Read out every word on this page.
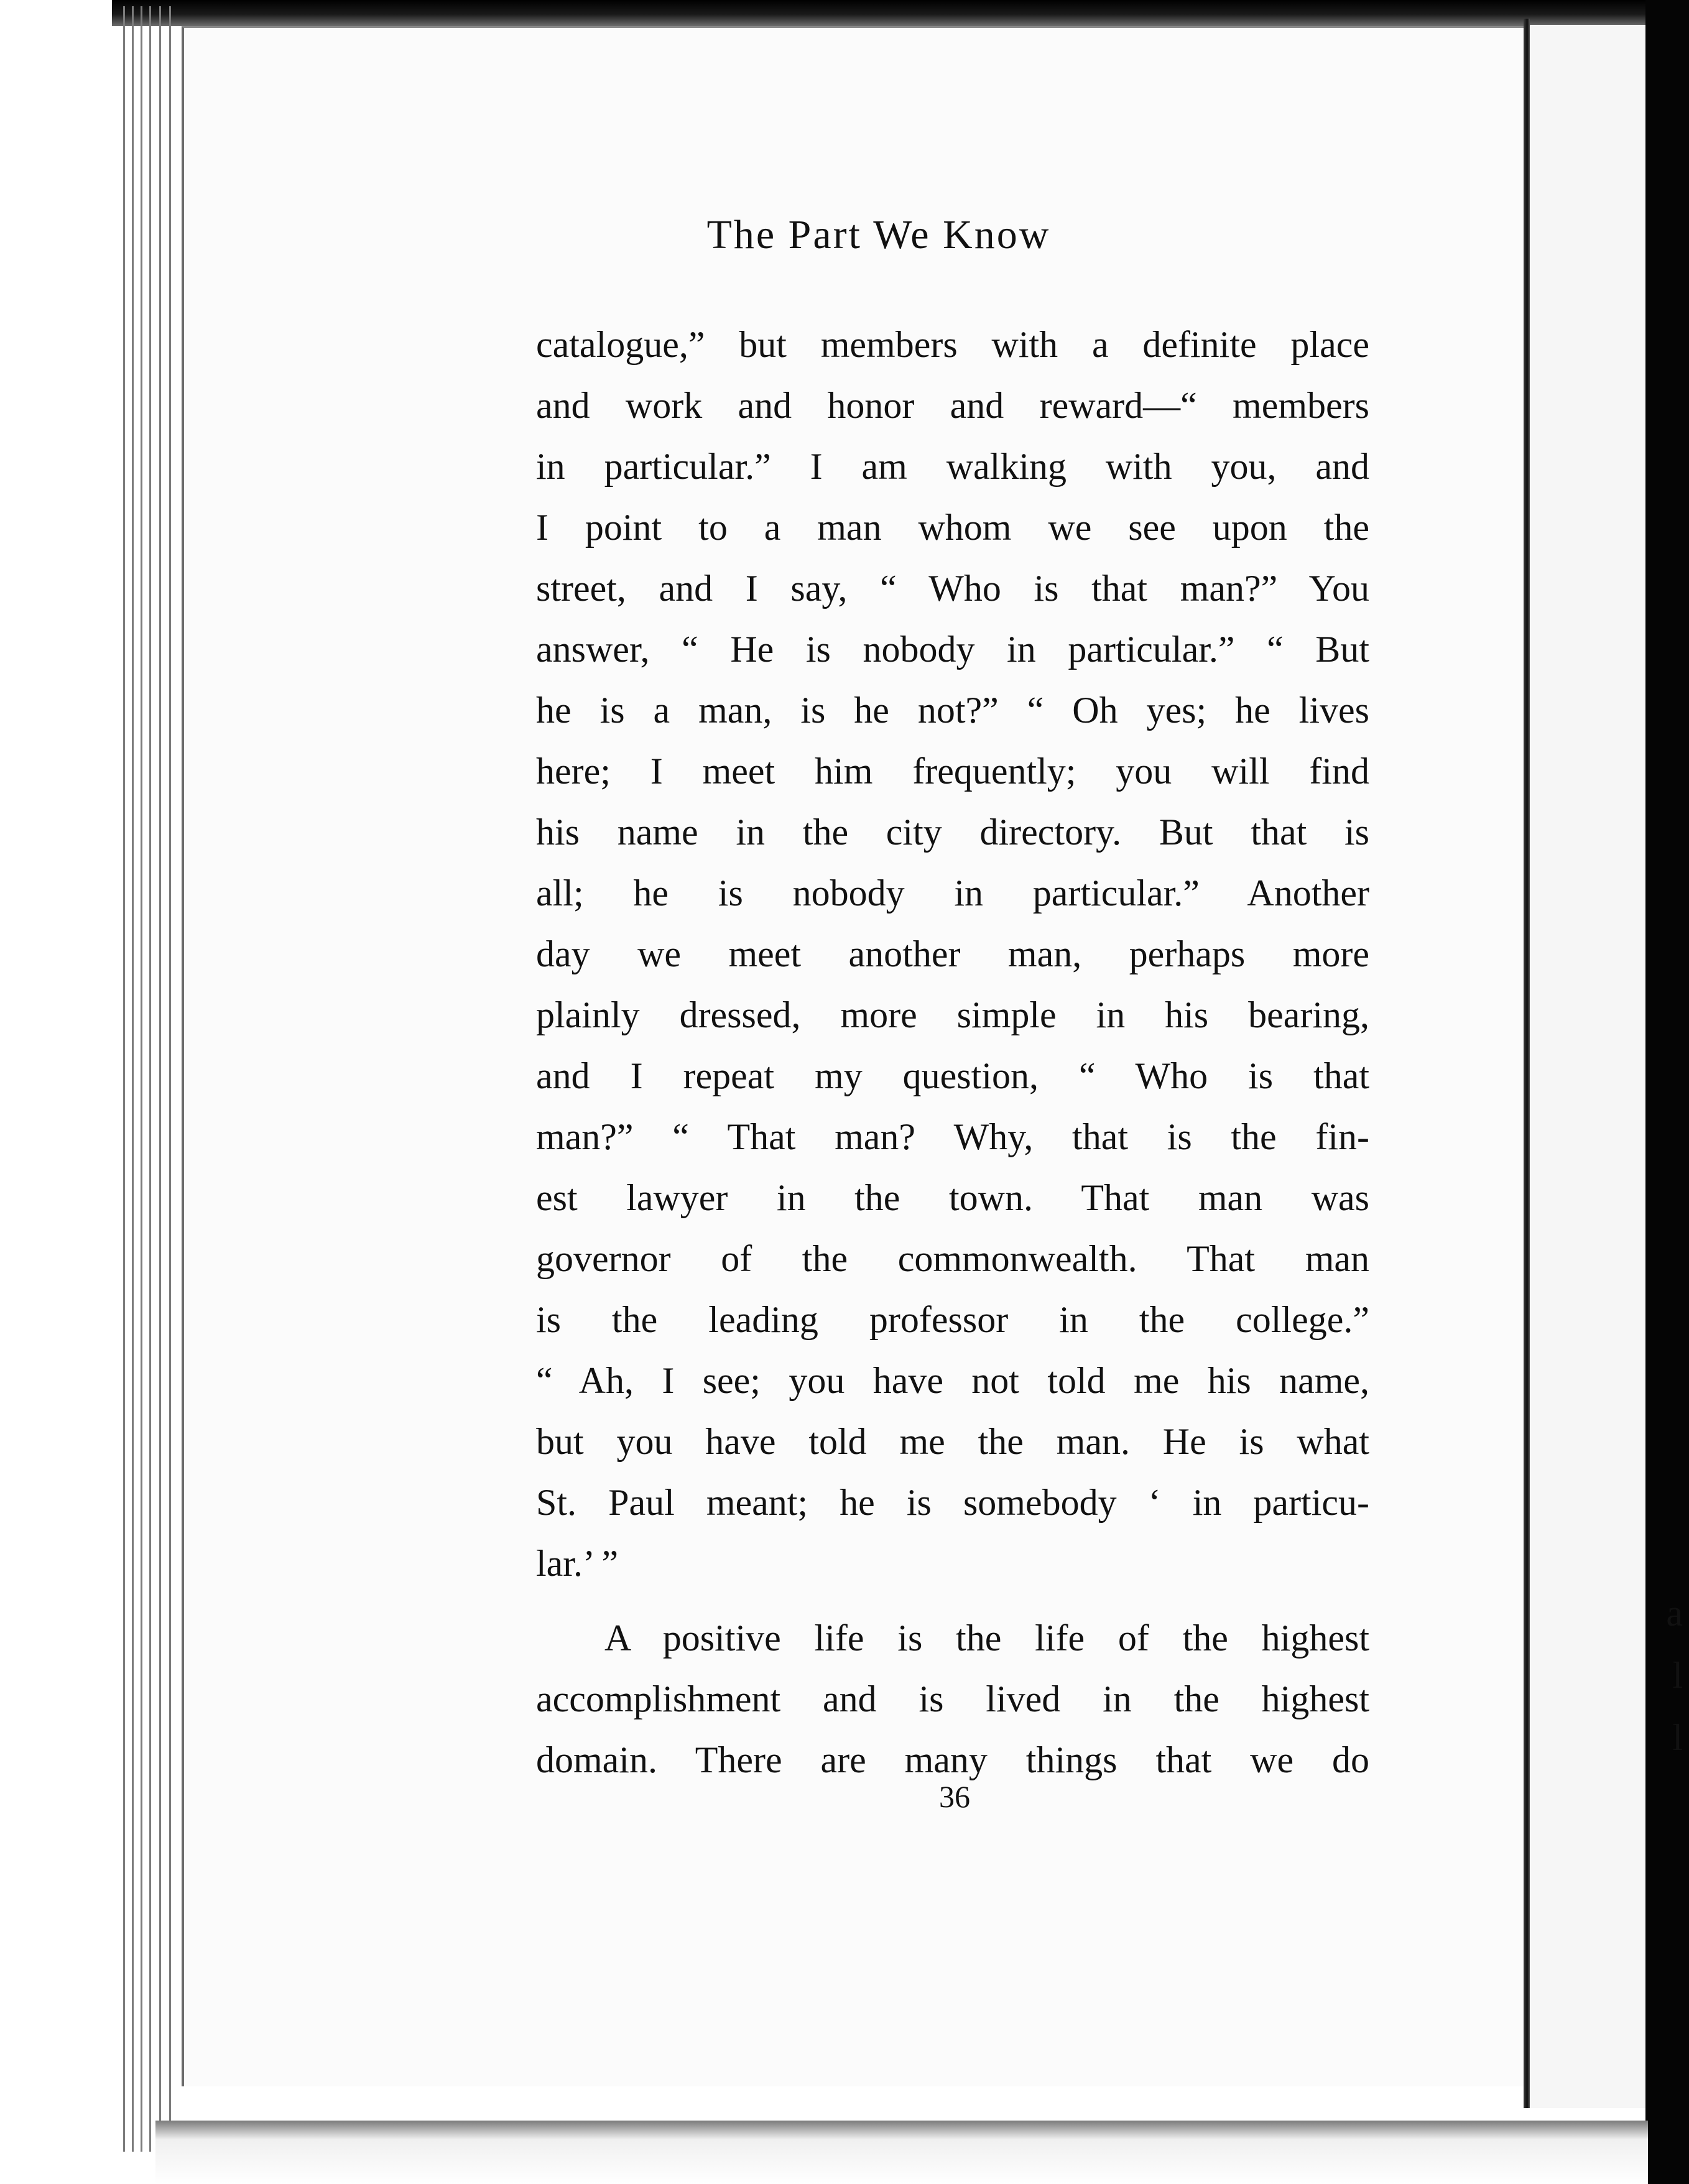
The Part We Know
catalogue,” but members with a definite place
and work and honor and reward—“ members
in particular.” I am walking with you, and
I point to a man whom we see upon the
street, and I say, “ Who is that man?” You
answer, “ He is nobody in particular.” “ But
he is a man, is he not?” “ Oh yes; he lives
here; I meet him frequently; you will find
his name in the city directory. But that is
all; he is nobody in particular.” Another
day we meet another man, perhaps more
plainly dressed, more simple in his bearing,
and I repeat my question, “ Who is that
man?” “ That man? Why, that is the fin-
est lawyer in the town. That man was
governor of the commonwealth. That man
is the leading professor in the college.”
“ Ah, I see; you have not told me his name,
but you have told me the man. He is what
St. Paul meant; he is somebody ‘ in particu-
lar.’ ”
A positive life is the life of the highest
accomplishment and is lived in the highest
domain. There are many things that we do
36
a
l
l
